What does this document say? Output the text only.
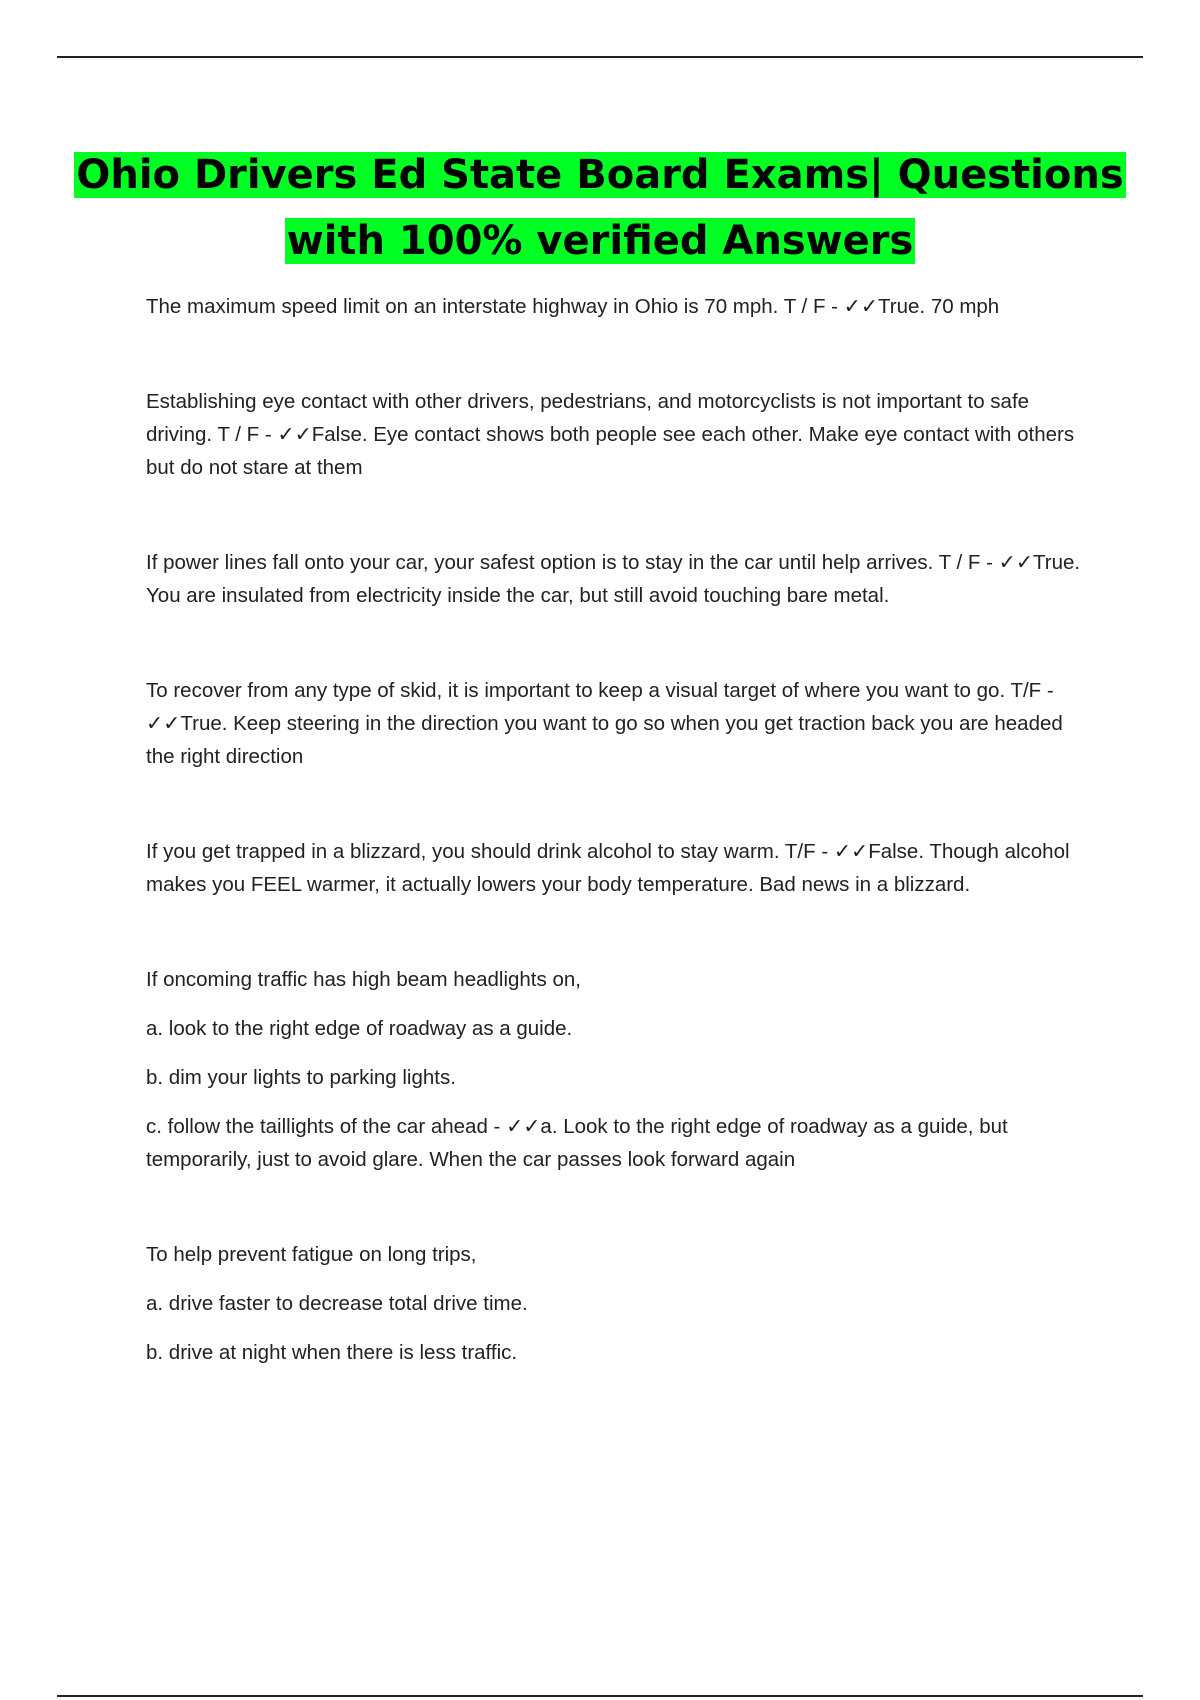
Ohio Drivers Ed State Board Exams| Questions
with 100% verified Answers

The maximum speed limit on an interstate highway in Ohio is 70 mph. T / F - ✓✓True. 70 mph

Establishing eye contact with other drivers, pedestrians, and motorcyclists is not important to safe driving. T / F - ✓✓False. Eye contact shows both people see each other. Make eye contact with others but do not stare at them

If power lines fall onto your car, your safest option is to stay in the car until help arrives. T / F - ✓✓True. You are insulated from electricity inside the car, but still avoid touching bare metal.

To recover from any type of skid, it is important to keep a visual target of where you want to go. T/F - ✓✓True. Keep steering in the direction you want to go so when you get traction back you are headed the right direction

If you get trapped in a blizzard, you should drink alcohol to stay warm. T/F - ✓✓False. Though alcohol makes you FEEL warmer, it actually lowers your body temperature. Bad news in a blizzard.

If oncoming traffic has high beam headlights on,

a. look to the right edge of roadway as a guide.

b. dim your lights to parking lights.

c. follow the taillights of the car ahead - ✓✓a. Look to the right edge of roadway as a guide, but temporarily, just to avoid glare. When the car passes look forward again

To help prevent fatigue on long trips,

a. drive faster to decrease total drive time.

b. drive at night when there is less traffic.
